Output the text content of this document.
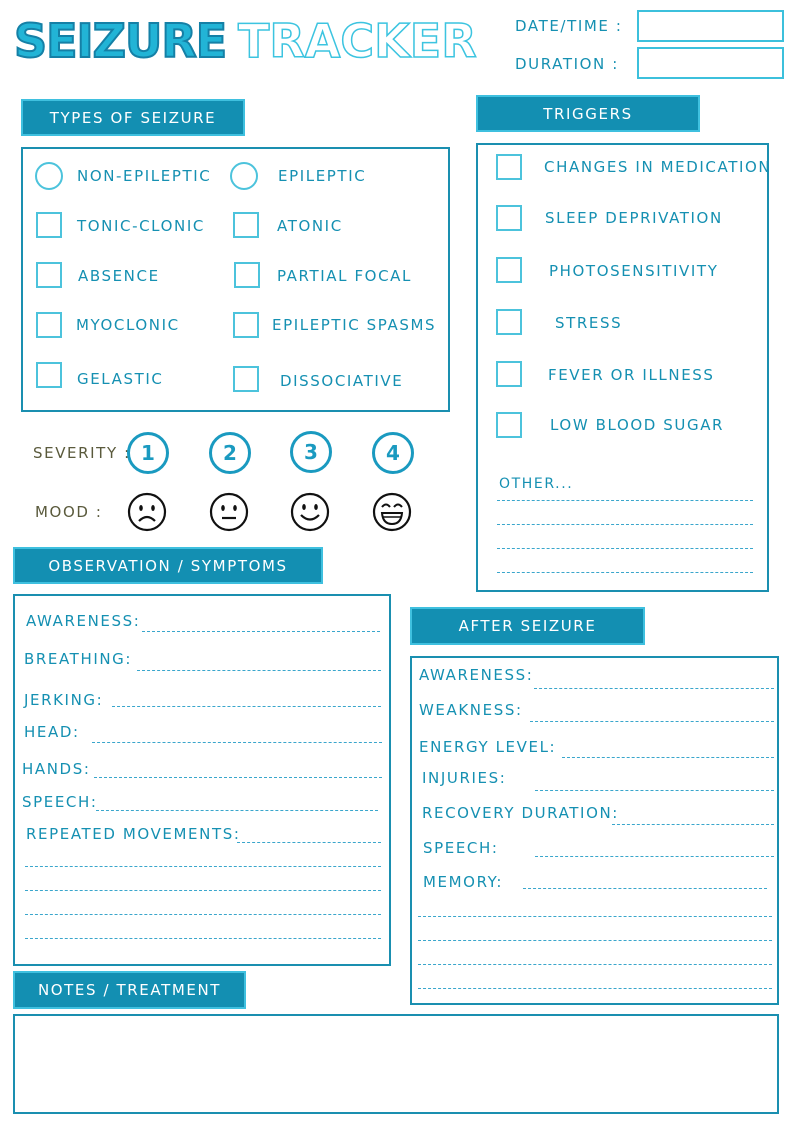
SEIZURE TRACKER	DATE/TIME :
DURATION :
TYPES OF SEIZURE
NON-EPILEPTIC	EPILEPTIC
TONIC-CLONIC	ATONIC
ABSENCE	PARTIAL FOCAL
MYOCLONIC	EPILEPTIC SPASMS
GELASTIC	DISSOCIATIVE
TRIGGERS
CHANGES IN MEDICATION
SLEEP DEPRIVATION
PHOTOSENSITIVITY
STRESS
FEVER OR ILLNESS
LOW BLOOD SUGAR
OTHER...
SEVERITY : 1	2	3	4
MOOD :
OBSERVATION / SYMPTOMS
AWARENESS:
BREATHING:
JERKING:
HEAD:
HANDS:
SPEECH:
REPEATED MOVEMENTS:
AFTER SEIZURE
AWARENESS:
WEAKNESS:
ENERGY LEVEL:
INJURIES:
RECOVERY DURATION:
SPEECH:
MEMORY:
NOTES / TREATMENT
